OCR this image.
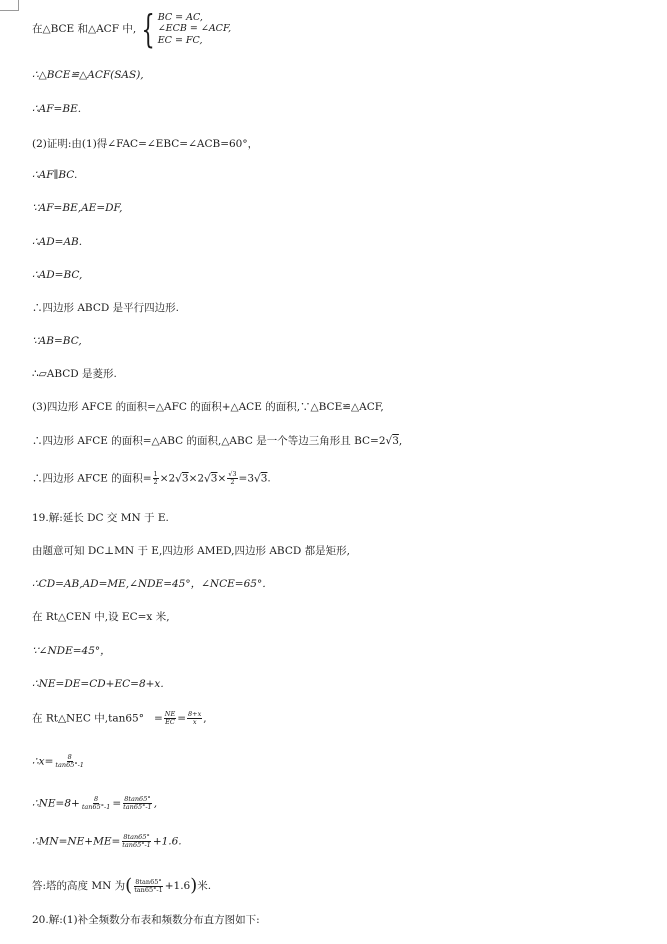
在△BCE 和△ACF 中, { BC = AC,
∠ECB = ∠ACF,
EC = FC,
∴△BCE≌△ACF(SAS),
∴AF=BE.
(2)证明:由(1)得∠FAC=∠EBC=∠ACB=60°，
∴AF∥BC.
∵AF=BE,AE=DF,
∴AD=AB.
∴AD=BC,
∴四边形 ABCD 是平行四边形.
∵AB=BC,
∴▱ABCD 是菱形.
(3)四边形 AFCE 的面积=△AFC 的面积+△ACE 的面积,∵△BCE≌△ACF,
∴四边形 AFCE 的面积=△ABC 的面积,△ABC 是一个等边三角形且 BC=2 √ 3,
∴四边形 AFCE 的面积= $\frac{1}{2} \times 2$ √ 3×2 √ $3\times \frac{√3}{2} =3$ √ 3.
19.解:延长 DC 交 MN 于 E.
由题意可知 DC⊥MN 于 E,四边形 AMED,四边形 ABCD 都是矩形,
∴CD=AB,AD=ME,∠NDE=45°，∠NCE=65°．
在 Rt△CEN 中,设 EC=x 米,
∵∠NDE=45°，
∴NE=DE=CD+EC=8+x.
在 Rt△NEC 中$,\tan 65^\circ = \frac{NE}{EC} = \frac{8+x}{x}$ ,
∴x= $\frac{8}{\tan 65^\circ-1}$
∴NE=8+ $\frac{8}{\tan 65^\circ-1} = \frac{8\tan 65^\circ}{\tan 65^\circ-1}$ ,
∴MN=NE+ME= $\frac{8\tan 65^\circ}{\tan 65^\circ-1} +1.6$.
答:塔的高度 MN 为( $\frac{8\tan 65^\circ}{\tan 65^\circ-1} +1.6$)米.
20.解:(1)补全频数分布表和频数分布直方图如下:
